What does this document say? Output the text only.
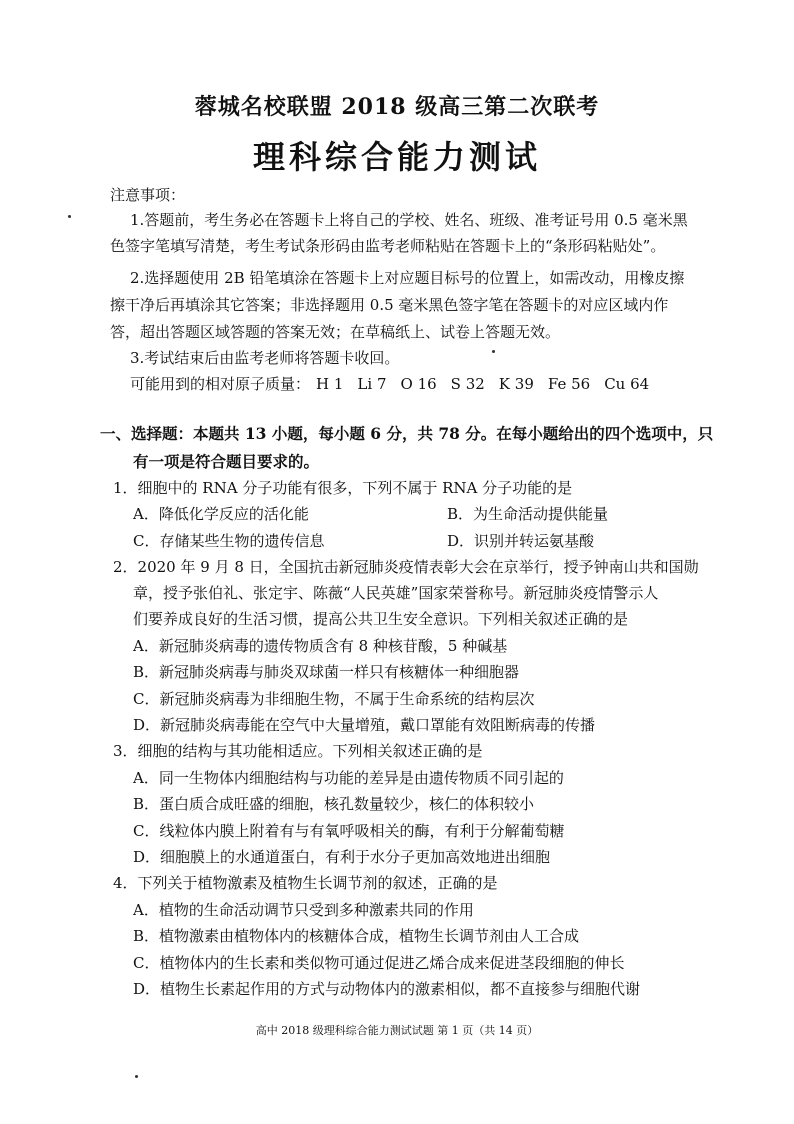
蓉城名校联盟 2018 级高三第二次联考
理科综合能力测试
注意事项：
1.答题前，考生务必在答题卡上将自己的学校、姓名、班级、准考证号用 0.5 毫米黑
色签字笔填写清楚，考生考试条形码由监考老师粘贴在答题卡上的“条形码粘贴处”。
2.选择题使用 2B 铅笔填涂在答题卡上对应题目标号的位置上，如需改动，用橡皮擦
擦干净后再填涂其它答案；非选择题用 0.5 毫米黑色签字笔在答题卡的对应区域内作
答，超出答题区域答题的答案无效；在草稿纸上、试卷上答题无效。
3.考试结束后由监考老师将答题卡收回。
可能用到的相对原子质量： H 1 Li 7 O 16 S 32 K 39 Fe 56 Cu 64
一、选择题：本题共 13 小题，每小题 6 分，共 78 分。在每小题给出的四个选项中，只
有一项是符合题目要求的。
1．细胞中的 RNA 分子功能有很多，下列不属于 RNA 分子功能的是
A．降低化学反应的活化能	B．为生命活动提供能量
C．存储某些生物的遗传信息	D．识别并转运氨基酸
2．2020 年 9 月 8 日，全国抗击新冠肺炎疫情表彰大会在京举行，授予钟南山共和国勋
章，授予张伯礼、张定宇、陈薇“人民英雄”国家荣誉称号。新冠肺炎疫情警示人
们要养成良好的生活习惯，提高公共卫生安全意识。下列相关叙述正确的是
A．新冠肺炎病毒的遗传物质含有 8 种核苷酸，5 种碱基
B．新冠肺炎病毒与肺炎双球菌一样只有核糖体一种细胞器
C．新冠肺炎病毒为非细胞生物，不属于生命系统的结构层次
D．新冠肺炎病毒能在空气中大量增殖，戴口罩能有效阻断病毒的传播
3．细胞的结构与其功能相适应。下列相关叙述正确的是
A．同一生物体内细胞结构与功能的差异是由遗传物质不同引起的
B．蛋白质合成旺盛的细胞，核孔数量较少，核仁的体积较小
C．线粒体内膜上附着有与有氧呼吸相关的酶，有利于分解葡萄糖
D．细胞膜上的水通道蛋白，有利于水分子更加高效地进出细胞
4．下列关于植物激素及植物生长调节剂的叙述，正确的是
A．植物的生命活动调节只受到多种激素共同的作用
B．植物激素由植物体内的核糖体合成，植物生长调节剂由人工合成
C．植物体内的生长素和类似物可通过促进乙烯合成来促进茎段细胞的伸长
D．植物生长素起作用的方式与动物体内的激素相似，都不直接参与细胞代谢
高中 2018 级理科综合能力测试试题 第 1 页（共 14 页）
